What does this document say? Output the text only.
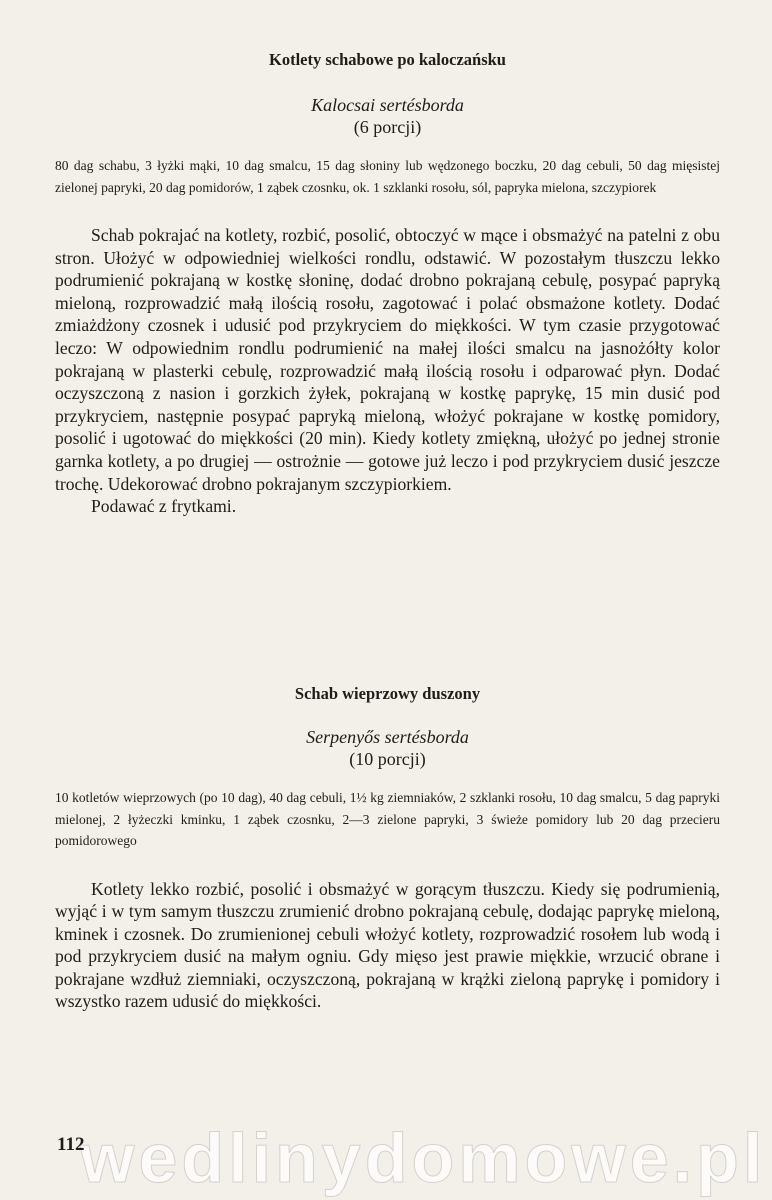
Kotlety schabowe po kaloczańsku

Kalocsai sertésborda

(6 porcji)

80 dag schabu, 3 łyżki mąki, 10 dag smalcu, 15 dag słoniny lub wędzonego boczku, 20 dag cebuli, 50 dag mięsistej zielonej papryki, 20 dag pomidorów, 1 ząbek czosnku, ok. 1 szklanki rosołu, sól, papryka mielona, szczypiorek

Schab pokrajać na kotlety, rozbić, posolić, obtoczyć w mące i obsmażyć na patelni z obu stron. Ułożyć w odpowiedniej wielkości rondlu, odstawić. W pozostałym tłuszczu lekko podrumienić pokrajaną w kostkę słoninę, dodać drobno pokrajaną cebulę, posypać papryką mieloną, rozprowadzić małą ilością rosołu, zagotować i polać obsmażone kotlety. Dodać zmiażdżony czosnek i udusić pod przykryciem do miękkości. W tym czasie przygotować leczo: W odpowiednim rondlu podrumienić na małej ilości smalcu na jasnożółty kolor pokrajaną w plasterki cebulę, rozprowadzić małą ilością rosołu i odparować płyn. Dodać oczyszczoną z nasion i gorzkich żyłek, pokrajaną w kostkę paprykę, 15 min dusić pod przykryciem, następnie posypać papryką mieloną, włożyć pokrajane w kostkę pomidory, posolić i ugotować do miękkości (20 min). Kiedy kotlety zmiękną, ułożyć po jednej stronie garnka kotlety, a po drugiej — ostrożnie — gotowe już leczo i pod przykryciem dusić jeszcze trochę. Udekorować drobno pokrajanym szczypiorkiem.

Podawać z frytkami.

Schab wieprzowy duszony

Serpenyős sertésborda

(10 porcji)

10 kotletów wieprzowych (po 10 dag), 40 dag cebuli, 1½ kg ziemniaków, 2 szklanki rosołu, 10 dag smalcu, 5 dag papryki mielonej, 2 łyżeczki kminku, 1 ząbek czosnku, 2—3 zielone papryki, 3 świeże pomidory lub 20 dag przecieru pomidorowego

Kotlety lekko rozbić, posolić i obsmażyć w gorącym tłuszczu. Kiedy się podrumienią, wyjąć i w tym samym tłuszczu zrumienić drobno pokrajaną cebulę, dodając paprykę mieloną, kminek i czosnek. Do zrumienionej cebuli włożyć kotlety, rozprowadzić rosołem lub wodą i pod przykryciem dusić na małym ogniu. Gdy mięso jest prawie miękkie, wrzucić obrane i pokrajane wzdłuż ziemniaki, oczyszczoną, pokrajaną w krążki zieloną paprykę i pomidory i wszystko razem udusić do miękkości.

wedlinydomowe.pl
112
